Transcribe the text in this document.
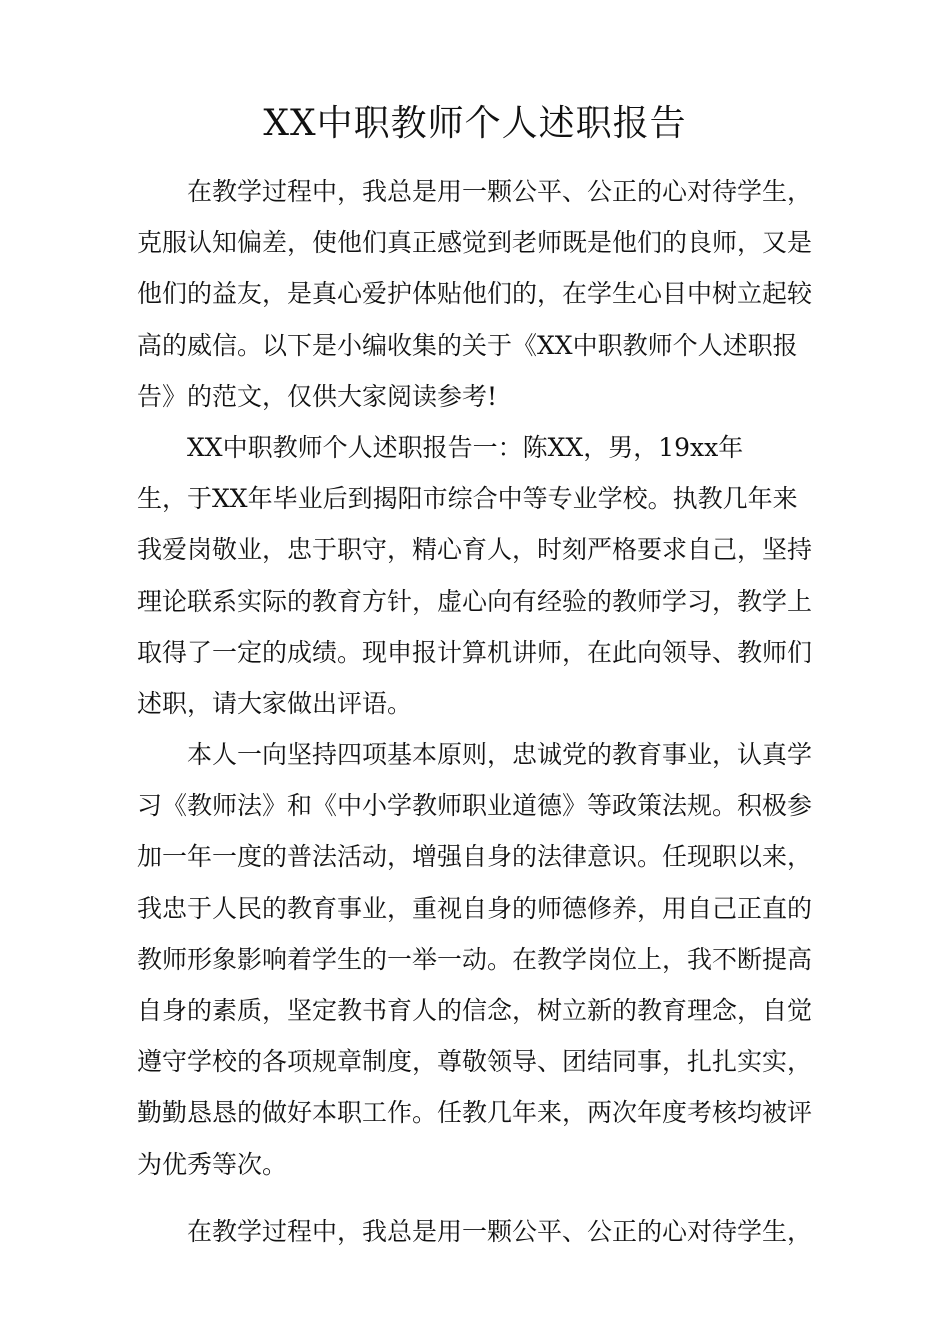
XX中职教师个人述职报告
在教学过程中，我总是用一颗公平、公正的心对待学生，
克服认知偏差，使他们真正感觉到老师既是他们的良师，又是
他们的益友，是真心爱护体贴他们的，在学生心目中树立起较
高的威信。以下是小编收集的关于《XX中职教师个人述职报
告》的范文，仅供大家阅读参考!
XX中职教师个人述职报告一：陈XX，男，19xx年
生，于XX年毕业后到揭阳市综合中等专业学校。执教几年来
我爱岗敬业，忠于职守，精心育人，时刻严格要求自己，坚持
理论联系实际的教育方针，虚心向有经验的教师学习，教学上
取得了一定的成绩。现申报计算机讲师，在此向领导、教师们
述职，请大家做出评语。
本人一向坚持四项基本原则，忠诚党的教育事业，认真学
习《教师法》和《中小学教师职业道德》等政策法规。积极参
加一年一度的普法活动，增强自身的法律意识。任现职以来，
我忠于人民的教育事业，重视自身的师德修养，用自己正直的
教师形象影响着学生的一举一动。在教学岗位上，我不断提高
自身的素质，坚定教书育人的信念，树立新的教育理念，自觉
遵守学校的各项规章制度，尊敬领导、团结同事，扎扎实实，
勤勤恳恳的做好本职工作。任教几年来，两次年度考核均被评
为优秀等次。
在教学过程中，我总是用一颗公平、公正的心对待学生，
